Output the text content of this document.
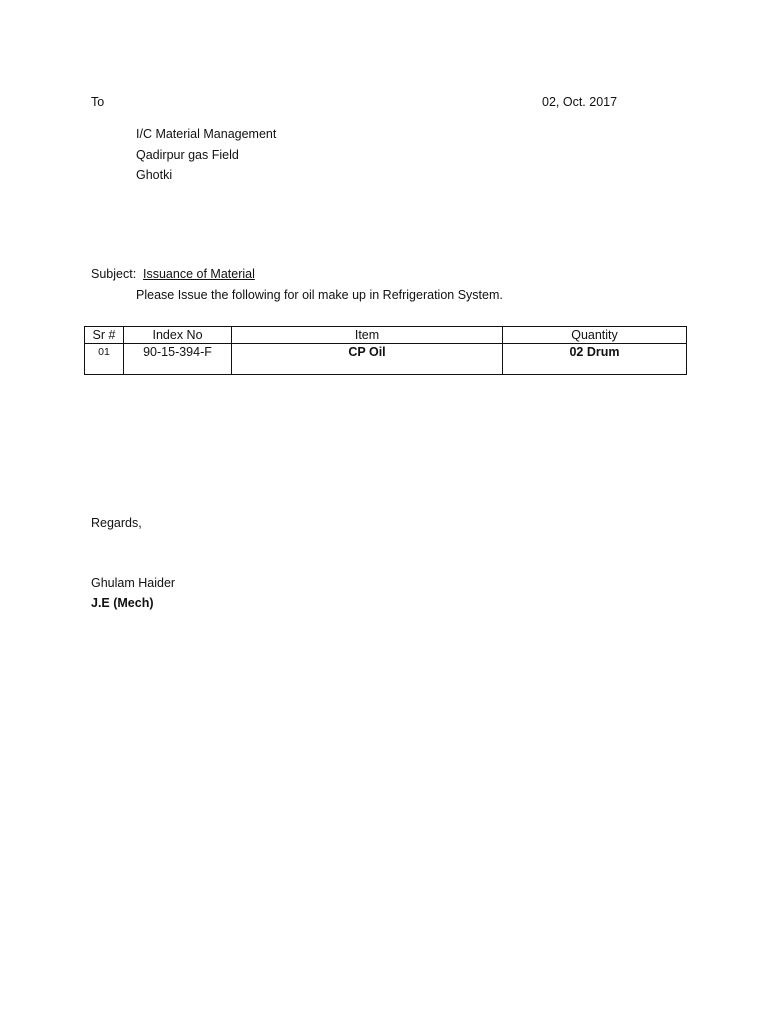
To	02, Oct. 2017
I/C Material Management
Qadirpur gas Field
Ghotki
Subject: Issuance of Material
Please Issue the following for oil make up in Refrigeration System.
Sr #	Index No	Item	Quantity
01	90-15-394-F	CP Oil	02 Drum
Regards,
Ghulam Haider
J.E (Mech)
